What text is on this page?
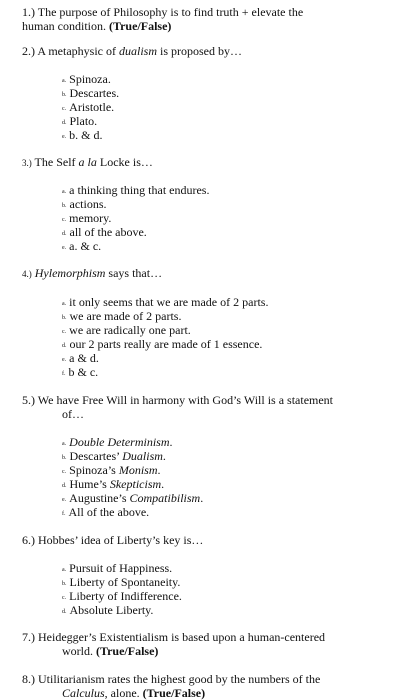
1.) The purpose of Philosophy is to find truth + elevate the
human condition. (True/False)
2.) A metaphysic of dualism is proposed by…
a. Spinoza.
b. Descartes.
c. Aristotle.
d. Plato.
e. b. & d.
3.) The Self a la Locke is…
a. a thinking thing that endures.
b. actions.
c. memory.
d. all of the above.
e. a. & c.
4.) Hylemorphism says that…
a. it only seems that we are made of 2 parts.
b. we are made of 2 parts.
c. we are radically one part.
d. our 2 parts really are made of 1 essence.
e. a & d.
f. b & c.
5.) We have Free Will in harmony with God’s Will is a statement
of…
a. Double Determinism.
b. Descartes’ Dualism.
c. Spinoza’s Monism.
d. Hume’s Skepticism.
e. Augustine’s Compatibilism.
f. All of the above.
6.) Hobbes’ idea of Liberty’s key is…
a. Pursuit of Happiness.
b. Liberty of Spontaneity.
c. Liberty of Indifference.
d. Absolute Liberty.
7.) Heidegger’s Existentialism is based upon a human-centered
world. (True/False)
8.) Utilitarianism rates the highest good by the numbers of the
Calculus, alone. (True/False)
